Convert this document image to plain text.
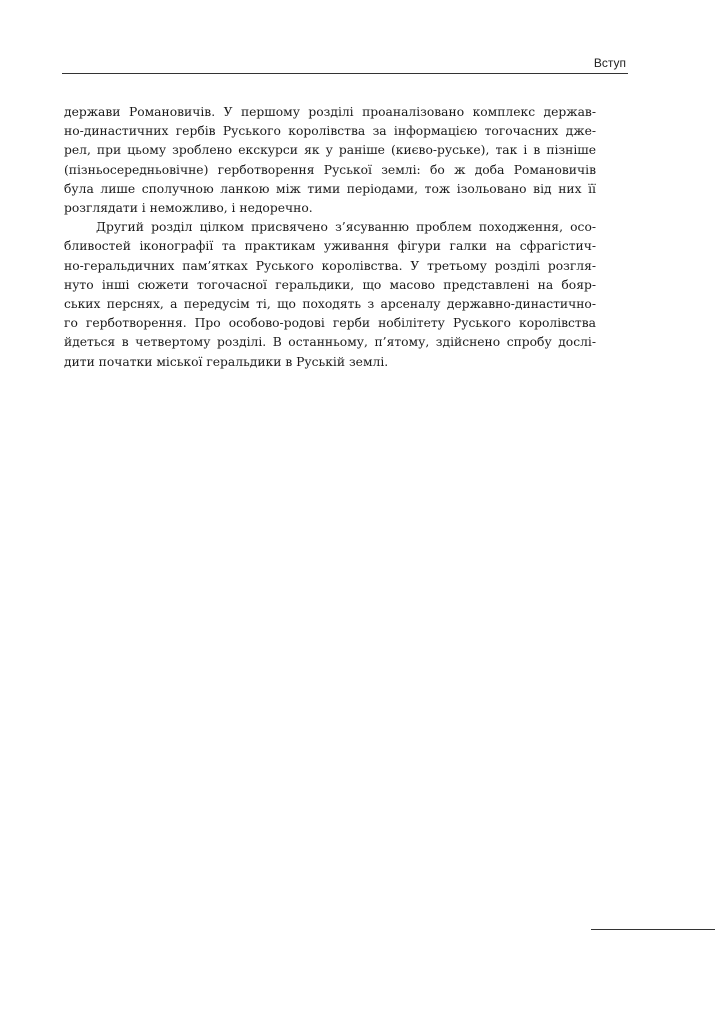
Вступ

держави Романовичів. У першому розділі проаналізовано комплекс держав-
но-династичних гербів Руського королівства за інформацією тогочасних дже-
рел, при цьому зроблено екскурси як у раніше (києво-руське), так і в пізніше
(пізньосередньовічне) герботворення Руської землі: бо ж доба Романовичів
була лише сполучною ланкою між тими періодами, тож ізольовано від них її
розглядати і неможливо, і недоречно.

Другий розділ цілком присвячено з’ясуванню проблем походження, осо-
бливостей іконографії та практикам уживання фігури галки на сфрагістич-
но-геральдичних пам’ятках Руського королівства. У третьому розділі розгля-
нуто інші сюжети тогочасної геральдики, що масово представлені на бояр-
ських перснях, а передусім ті, що походять з арсеналу державно-династично-
го герботворення. Про особово-родові герби нобілітету Руського королівства
йдеться в четвертому розділі. В останньому, п’ятому, здійснено спробу дослі-
дити початки міської геральдики в Руській землі.
